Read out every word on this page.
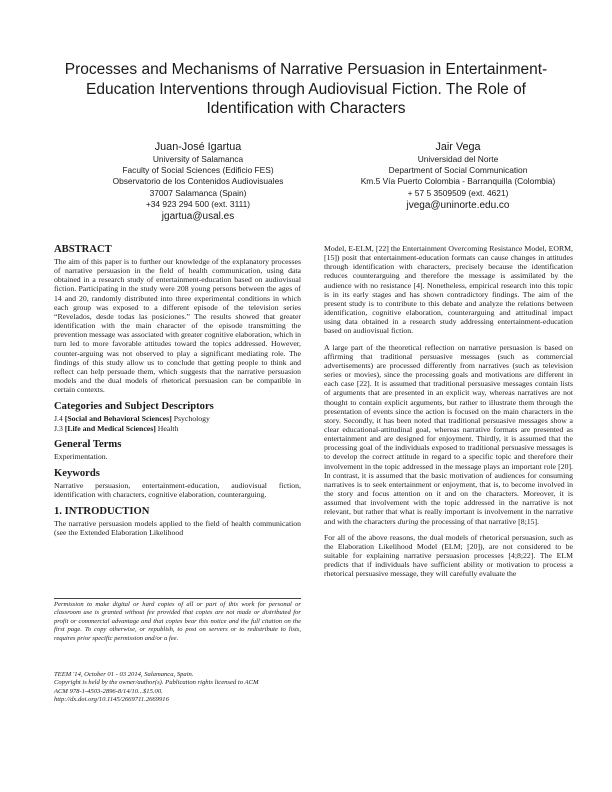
Processes and Mechanisms of Narrative Persuasion in Entertainment-Education Interventions through Audiovisual Fiction. The Role of Identification with Characters
Juan-José Igartua
University of Salamanca
Faculty of Social Sciences (Edificio FES)
Observatorio de los Contenidos Audiovisuales
37007 Salamanca (Spain)
+34 923 294 500 (ext. 3111)
jgartua@usal.es
Jair Vega
Universidad del Norte
Department of Social Communication
Km.5 Vía Puerto Colombia - Barranquilla (Colombia)
+ 57 5 3509509 (ext. 4621)
jvega@uninorte.edu.co
ABSTRACT

The aim of this paper is to further our knowledge of the explanatory processes of narrative persuasion in the field of health communication, using data obtained in a research study of entertainment-education based on audiovisual fiction. Participating in the study were 208 young persons between the ages of 14 and 20, randomly distributed into three experimental conditions in which each group was exposed to a different episode of the television series “Revelados, desde todas las posiciones.” The results showed that greater identification with the main character of the episode transmitting the prevention message was associated with greater cognitive elaboration, which in turn led to more favorable attitudes toward the topics addressed. However, counter-arguing was not observed to play a significant mediating role. The findings of this study allow us to conclude that getting people to think and reflect can help persuade them, which suggests that the narrative persuasion models and the dual models of rhetorical persuasion can be compatible in certain contexts.

Categories and Subject Descriptors
J.4 [Social and Behavioral Sciences] Psychology
J.3 [Life and Medical Sciences] Health
General Terms

Experimentation.

Keywords

Narrative persuasion, entertainment-education, audiovisual fiction, identification with characters, cognitive elaboration, counterarguing.

1. INTRODUCTION

The narrative persuasion models applied to the field of health communication (see the Extended Elaboration Likelihood

Permission to make digital or hard copies of all or part of this work for personal or classroom use is granted without fee provided that copies are not made or distributed for profit or commercial advantage and that copies bear this notice and the full citation on the first page. To copy otherwise, or republish, to post on servers or to redistribute to lists, requires prior specific permission and/or a fee.

TEEM '14, October 01 - 03 2014, Salamanca, Spain.
Copyright is held by the owner/author(s). Publication rights licensed to ACM
ACM 978-1-4503-2896-8/14/10...$15.00.
http://dx.doi.org/10.1145/2669711.2669916

Model, E-ELM, [22] the Entertainment Overcoming Resistance Model, EORM, [15]) posit that entertainment-education formats can cause changes in attitudes through identification with characters, precisely because the identification reduces counterarguing and therefore the message is assimilated by the audience with no resistance [4]. Nonetheless, empirical research into this topic is in its early stages and has shown contradictory findings. The aim of the present study is to contribute to this debate and analyze the relations between identification, cognitive elaboration, counterarguing and attitudinal impact using data obtained in a research study addressing entertainment-education based on audiovisual fiction.

A large part of the theoretical reflection on narrative persuasion is based on affirming that traditional persuasive messages (such as commercial advertisements) are processed differently from narratives (such as television series or movies), since the processing goals and motivations are different in each case [22]. It is assumed that traditional persuasive messages contain lists of arguments that are presented in an explicit way, whereas narratives are not thought to contain explicit arguments, but rather to illustrate them through the presentation of events since the action is focused on the main characters in the story. Secondly, it has been noted that traditional persuasive messages show a clear educational-attitudinal goal, whereas narrative formats are presented as entertainment and are designed for enjoyment. Thirdly, it is assumed that the processing goal of the individuals exposed to traditional persuasive messages is to develop the correct attitude in regard to a specific topic and therefore their involvement in the topic addressed in the message plays an important role [20]. In contrast, it is assumed that the basic motivation of audiences for consuming narratives is to seek entertainment or enjoyment, that is, to become involved in the story and focus attention on it and on the characters. Moreover, it is assumed that involvement with the topic addressed in the narrative is not relevant, but rather that what is really important is involvement in the narrative and with the characters during the processing of that narrative [8;15].

For all of the above reasons, the dual models of rhetorical persuasion, such as the Elaboration Likelihood Model (ELM; [20]), are not considered to be suitable for explaining narrative persuasion processes [4;8;22]. The ELM predicts that if individuals have sufficient ability or motivation to process a rhetorical persuasive message, they will carefully evaluate the
